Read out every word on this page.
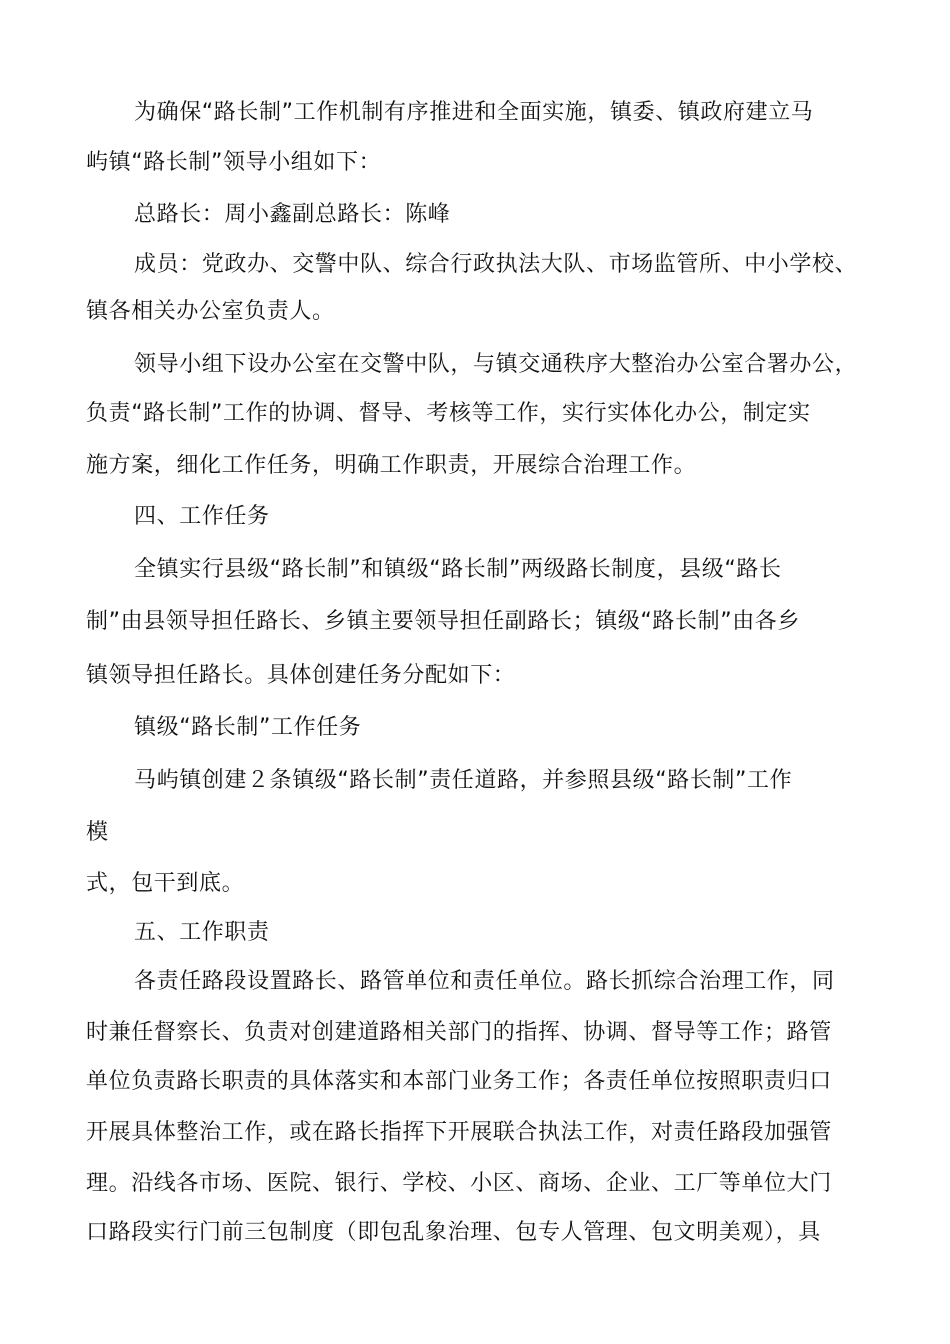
为确保“路长制”工作机制有序推进和全面实施，镇委、镇政府建立马
屿镇“路长制”领导小组如下：
总路长：周小鑫副总路长：陈峰
成员：党政办、交警中队、综合行政执法大队、市场监管所、中小学校、
镇各相关办公室负责人。
领导小组下设办公室在交警中队，与镇交通秩序大整治办公室合署办公，
负责“路长制”工作的协调、督导、考核等工作，实行实体化办公，制定实
施方案，细化工作任务，明确工作职责，开展综合治理工作。
四、工作任务
全镇实行县级“路长制”和镇级“路长制”两级路长制度，县级“路长
制”由县领导担任路长、乡镇主要领导担任副路长；镇级“路长制”由各乡
镇领导担任路长。具体创建任务分配如下：
镇级“路长制”工作任务
马屿镇创建２条镇级“路长制”责任道路，并参照县级“路长制”工作
模
式，包干到底。
五、工作职责
各责任路段设置路长、路管单位和责任单位。路长抓综合治理工作，同
时兼任督察长、负责对创建道路相关部门的指挥、协调、督导等工作；路管
单位负责路长职责的具体落实和本部门业务工作；各责任单位按照职责归口
开展具体整治工作，或在路长指挥下开展联合执法工作，对责任路段加强管
理。沿线各市场、医院、银行、学校、小区、商场、企业、工厂等单位大门
口路段实行门前三包制度（即包乱象治理、包专人管理、包文明美观），具
